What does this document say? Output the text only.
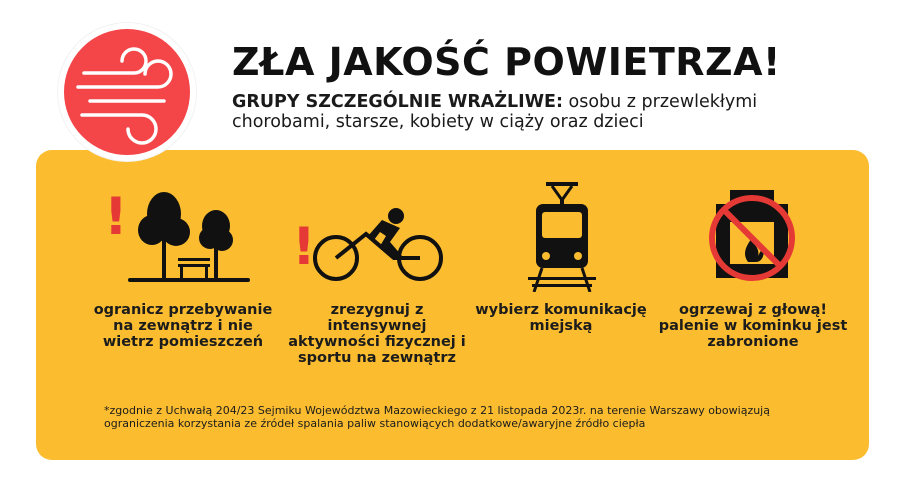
ZŁA JAKOŚĆ POWIETRZA!

GRUPY SZCZEGÓLNIE WRAŻLIWE: osobu z przewlekłymi chorobami, starsze, kobiety w ciąży oraz dzieci

!
ogranicz przebywanie na zewnątrz i nie wietrz pomieszczeń
!
zrezygnuj z intensywnej aktywności fizycznej i sportu na zewnątrz
wybierz komunikację miejską
ogrzewaj z głową! palenie w kominku jest zabronione

*zgodnie z Uchwałą 204/23 Sejmiku Województwa Mazowieckiego z 21 listopada 2023r. na terenie Warszawy obowiązują ograniczenia korzystania ze źródeł spalania paliw stanowiących dodatkowe/awaryjne źródło ciepła
